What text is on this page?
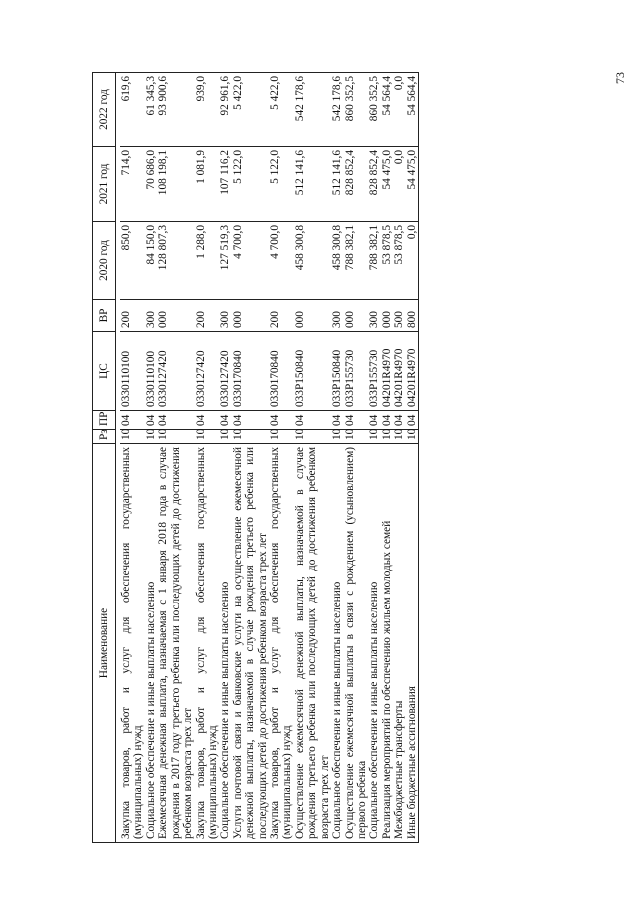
73
Наименование	Рз	ПР	ЦС	ВР	2020 год	2021 год	2022 год

Закупка товаров, работ и услуг для обеспечения государственных (муниципальных) нужд	10	04	0330110100	200	850,0	714,0	619,6
Социальное обеспечение и иные выплаты населению	10	04	0330110100	300	84 150,0	70 686,0	61 345,3
Ежемесячная денежная выплата, назначаемая с 1 января 2018 года в случае рождения в 2017 году третьего ребенка или последующих детей до достижения ребенком возраста трех лет	10	04	0330127420	000	128 807,3	108 198,1	93 900,6
Закупка товаров, работ и услуг для обеспечения государственных (муниципальных) нужд	10	04	0330127420	200	1 288,0	1 081,9	939,0
Социальное обеспечение и иные выплаты населению	10	04	0330127420	300	127 519,3	107 116,2	92 961,6
Услуги почтовой связи и банковские услуги на осуществление ежемесячной денежной выплаты, назначаемой в случае рождения третьего ребенка или последующих детей до достижения ребенком возраста трех лет	10	04	0330170840	000	4 700,0	5 122,0	5 422,0
Закупка товаров, работ и услуг для обеспечения государственных (муниципальных) нужд	10	04	0330170840	200	4 700,0	5 122,0	5 422,0
Осуществление ежемесячной денежной выплаты, назначаемой в случае рождения третьего ребенка или последующих детей до достижения ребенком возраста трех лет	10	04	033P150840	000	458 300,8	512 141,6	542 178,6
Социальное обеспечение и иные выплаты населению	10	04	033P150840	300	458 300,8	512 141,6	542 178,6
Осуществление ежемесячной выплаты в связи с рождением (усыновлением) первого ребенка	10	04	033P155730	000	788 382,1	828 852,4	860 352,5
Социальное обеспечение и иные выплаты населению	10	04	033P155730	300	788 382,1	828 852,4	860 352,5
Реализация мероприятий по обеспечению жильем молодых семей	10	04	04201R4970	000	53 878,5	54 475,0	54 564,4
Межбюджетные трансферты	10	04	04201R4970	500	53 878,5	0,0	0,0
Иные бюджетные ассигнования	10	04	04201R4970	800	0,0	54 475,0	54 564,4
